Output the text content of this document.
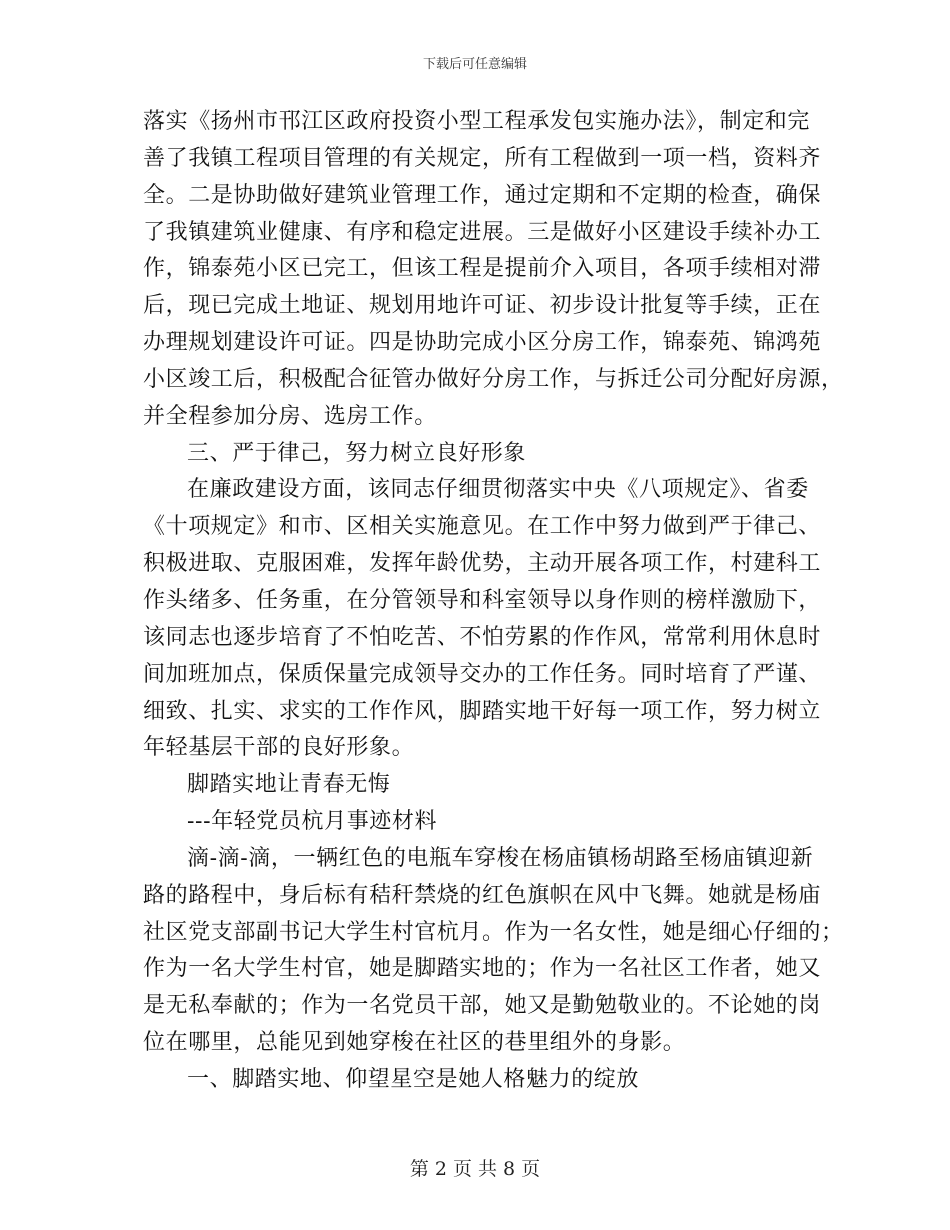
下载后可任意编辑
落实《扬州市邗江区政府投资小型工程承发包实施办法》，制定和完
善了我镇工程项目管理的有关规定，所有工程做到一项一档，资料齐
全。二是协助做好建筑业管理工作，通过定期和不定期的检查，确保
了我镇建筑业健康、有序和稳定进展。三是做好小区建设手续补办工
作，锦泰苑小区已完工，但该工程是提前介入项目，各项手续相对滞
后，现已完成土地证、规划用地许可证、初步设计批复等手续，正在
办理规划建设许可证。四是协助完成小区分房工作，锦泰苑、锦鸿苑
小区竣工后，积极配合征管办做好分房工作，与拆迁公司分配好房源，
并全程参加分房、选房工作。
三、严于律己，努力树立良好形象
在廉政建设方面，该同志仔细贯彻落实中央《八项规定》、省委
《十项规定》和市、区相关实施意见。在工作中努力做到严于律己、
积极进取、克服困难，发挥年龄优势，主动开展各项工作，村建科工
作头绪多、任务重，在分管领导和科室领导以身作则的榜样激励下，
该同志也逐步培育了不怕吃苦、不怕劳累的作作风，常常利用休息时
间加班加点，保质保量完成领导交办的工作任务。同时培育了严谨、
细致、扎实、求实的工作作风，脚踏实地干好每一项工作，努力树立
年轻基层干部的良好形象。
脚踏实地让青春无悔
---年轻党员杭月事迹材料
滴-滴-滴，一辆红色的电瓶车穿梭在杨庙镇杨胡路至杨庙镇迎新
路的路程中，身后标有秸秆禁烧的红色旗帜在风中飞舞。她就是杨庙
社区党支部副书记大学生村官杭月。作为一名女性，她是细心仔细的；
作为一名大学生村官，她是脚踏实地的；作为一名社区工作者，她又
是无私奉献的；作为一名党员干部，她又是勤勉敬业的。不论她的岗
位在哪里，总能见到她穿梭在社区的巷里组外的身影。
一、脚踏实地、仰望星空是她人格魅力的绽放
第 2 页 共 8 页
